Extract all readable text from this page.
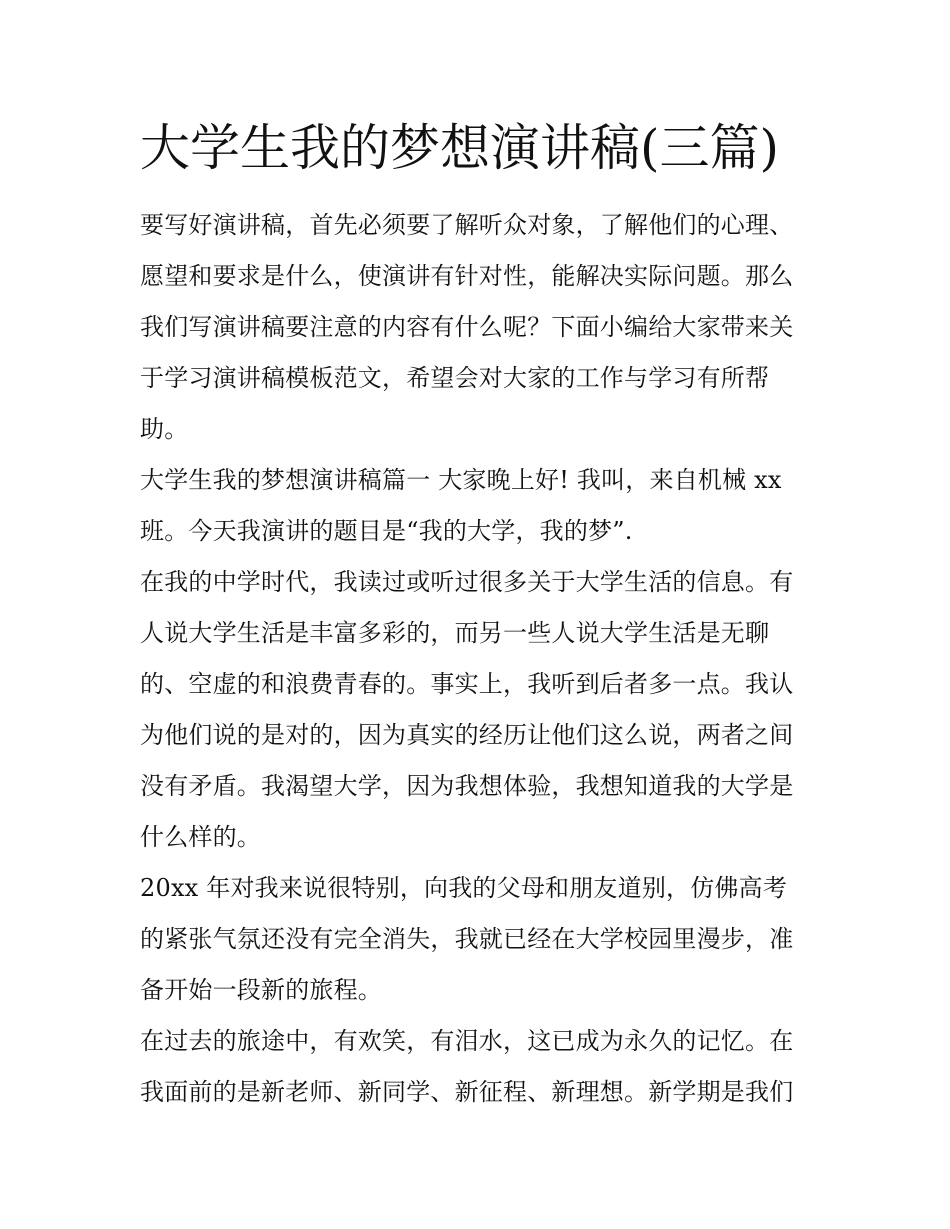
大学生我的梦想演讲稿(三篇)

要写好演讲稿，首先必须要了解听众对象，了解他们的心理、
愿望和要求是什么，使演讲有针对性，能解决实际问题。那么
我们写演讲稿要注意的内容有什么呢？下面小编给大家带来关
于学习演讲稿模板范文，希望会对大家的工作与学习有所帮
助。

大学生我的梦想演讲稿篇一 大家晚上好! 我叫，来自机械 xx
班。今天我演讲的题目是“我的大学，我的梦”.

在我的中学时代，我读过或听过很多关于大学生活的信息。有
人说大学生活是丰富多彩的，而另一些人说大学生活是无聊
的、空虚的和浪费青春的。事实上，我听到后者多一点。我认
为他们说的是对的，因为真实的经历让他们这么说，两者之间
没有矛盾。我渴望大学，因为我想体验，我想知道我的大学是
什么样的。

20xx 年对我来说很特别，向我的父母和朋友道别，仿佛高考
的紧张气氛还没有完全消失，我就已经在大学校园里漫步，准
备开始一段新的旅程。

在过去的旅途中，有欢笑，有泪水，这已成为永久的记忆。在
我面前的是新老师、新同学、新征程、新理想。新学期是我们
